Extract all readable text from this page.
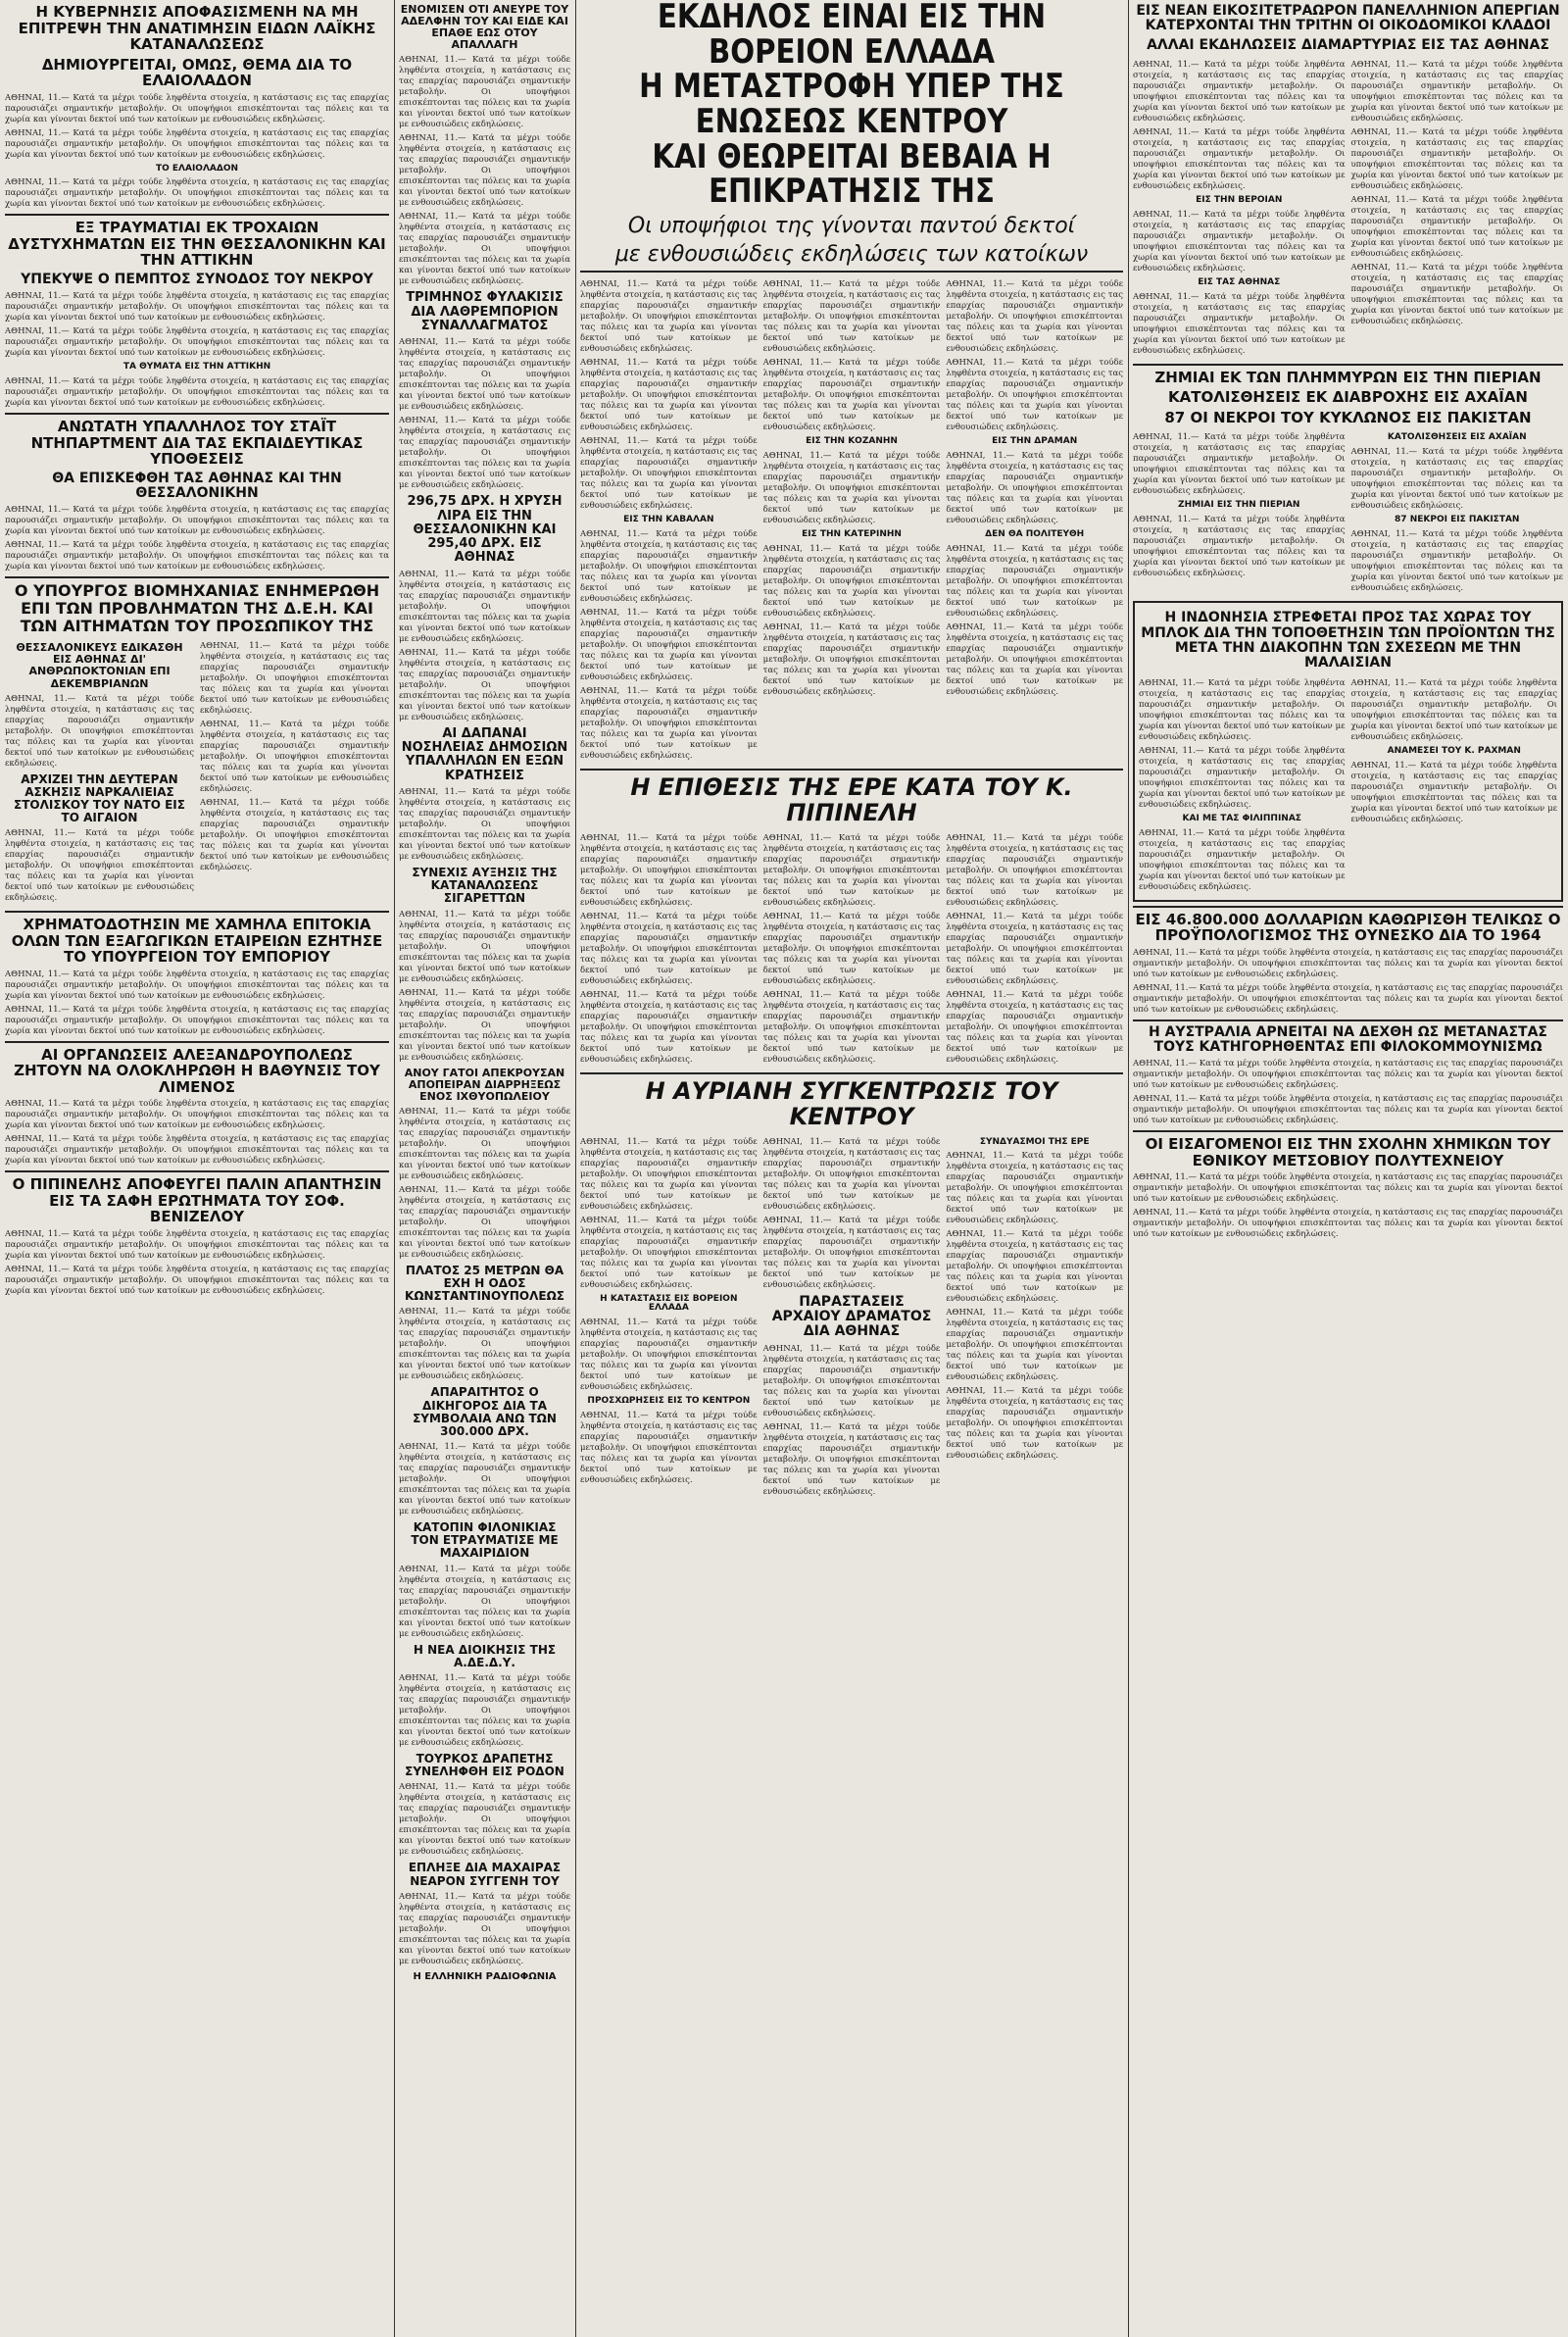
Η ΚΥΒΕΡΝΗΣΙΣ ΑΠΟΦΑΣΙΣΜΕΝΗ ΝΑ ΜΗ ΕΠΙΤΡΕΨΗ ΤΗΝ ΑΝΑΤΙΜΗΣΙΝ ΕΙΔΩΝ ΛΑΪΚΗΣ ΚΑΤΑΝΑΛΩΣΕΩΣ
ΔΗΜΙΟΥΡΓΕΙΤΑΙ, ΟΜΩΣ, ΘΕΜΑ ΔΙΑ ΤΟ ΕΛΑΙΟΛΑΔΟΝ
ΑΘΗΝΑΙ, 11.— Κατά τα μέχρι τούδε ληφθέντα στοιχεία, η κατάστασις εις τας επαρχίας παρουσιάζει σημαντικήν μεταβολήν. Οι υποψήφιοι επισκέπτονται τας πόλεις και τα χωρία και γίνονται δεκτοί υπό των κατοίκων με ενθουσιώδεις εκδηλώσεις.
ΑΘΗΝΑΙ, 11.— Κατά τα μέχρι τούδε ληφθέντα στοιχεία, η κατάστασις εις τας επαρχίας παρουσιάζει σημαντικήν μεταβολήν. Οι υποψήφιοι επισκέπτονται τας πόλεις και τα χωρία και γίνονται δεκτοί υπό των κατοίκων με ενθουσιώδεις εκδηλώσεις.
ΤΟ ΕΛΑΙΟΛΑΔΟΝ
ΑΘΗΝΑΙ, 11.— Κατά τα μέχρι τούδε ληφθέντα στοιχεία, η κατάστασις εις τας επαρχίας παρουσιάζει σημαντικήν μεταβολήν. Οι υποψήφιοι επισκέπτονται τας πόλεις και τα χωρία και γίνονται δεκτοί υπό των κατοίκων με ενθουσιώδεις εκδηλώσεις.
ΕΞ ΤΡΑΥΜΑΤΙΑΙ ΕΚ ΤΡΟΧΑΙΩΝ ΔΥΣΤΥΧΗΜΑΤΩΝ ΕΙΣ ΤΗΝ ΘΕΣΣΑΛΟΝΙΚΗΝ ΚΑΙ ΤΗΝ ΑΤΤΙΚΗΝ
ΥΠΕΚΥΨΕ Ο ΠΕΜΠΤΟΣ ΣΥΝΟΔΟΣ ΤΟΥ ΝΕΚΡΟΥ
ΑΘΗΝΑΙ, 11.— Κατά τα μέχρι τούδε ληφθέντα στοιχεία, η κατάστασις εις τας επαρχίας παρουσιάζει σημαντικήν μεταβολήν. Οι υποψήφιοι επισκέπτονται τας πόλεις και τα χωρία και γίνονται δεκτοί υπό των κατοίκων με ενθουσιώδεις εκδηλώσεις.
ΑΘΗΝΑΙ, 11.— Κατά τα μέχρι τούδε ληφθέντα στοιχεία, η κατάστασις εις τας επαρχίας παρουσιάζει σημαντικήν μεταβολήν. Οι υποψήφιοι επισκέπτονται τας πόλεις και τα χωρία και γίνονται δεκτοί υπό των κατοίκων με ενθουσιώδεις εκδηλώσεις.
ΤΑ ΘΥΜΑΤΑ ΕΙΣ ΤΗΝ ΑΤΤΙΚΗΝ
ΑΘΗΝΑΙ, 11.— Κατά τα μέχρι τούδε ληφθέντα στοιχεία, η κατάστασις εις τας επαρχίας παρουσιάζει σημαντικήν μεταβολήν. Οι υποψήφιοι επισκέπτονται τας πόλεις και τα χωρία και γίνονται δεκτοί υπό των κατοίκων με ενθουσιώδεις εκδηλώσεις.
ΑΝΩΤΑΤΗ ΥΠΑΛΛΗΛΟΣ ΤΟΥ ΣΤΑΪΤ ΝΤΗΠΑΡΤΜΕΝΤ ΔΙΑ ΤΑΣ ΕΚΠΑΙΔΕΥΤΙΚΑΣ ΥΠΟΘΕΣΕΙΣ
ΘΑ ΕΠΙΣΚΕΦΘΗ ΤΑΣ ΑΘΗΝΑΣ ΚΑΙ ΤΗΝ ΘΕΣΣΑΛΟΝΙΚΗΝ
ΑΘΗΝΑΙ, 11.— Κατά τα μέχρι τούδε ληφθέντα στοιχεία, η κατάστασις εις τας επαρχίας παρουσιάζει σημαντικήν μεταβολήν. Οι υποψήφιοι επισκέπτονται τας πόλεις και τα χωρία και γίνονται δεκτοί υπό των κατοίκων με ενθουσιώδεις εκδηλώσεις.
ΑΘΗΝΑΙ, 11.— Κατά τα μέχρι τούδε ληφθέντα στοιχεία, η κατάστασις εις τας επαρχίας παρουσιάζει σημαντικήν μεταβολήν. Οι υποψήφιοι επισκέπτονται τας πόλεις και τα χωρία και γίνονται δεκτοί υπό των κατοίκων με ενθουσιώδεις εκδηλώσεις.
Ο ΥΠΟΥΡΓΟΣ ΒΙΟΜΗΧΑΝΙΑΣ ΕΝΗΜΕΡΩΘΗ ΕΠΙ ΤΩΝ ΠΡΟΒΛΗΜΑΤΩΝ ΤΗΣ Δ.Ε.Η. ΚΑΙ ΤΩΝ ΑΙΤΗΜΑΤΩΝ ΤΟΥ ΠΡΟΣΩΠΙΚΟΥ ΤΗΣ
ΘΕΣΣΑΛΟΝΙΚΕΥΣ ΕΔΙΚΑΣΘΗ ΕΙΣ ΑΘΗΝΑΣ ΔΙ' ΑΝΘΡΩΠΟΚΤΟΝΙΑΝ ΕΠΙ ΔΕΚΕΜΒΡΙΑΝΩΝ
ΑΘΗΝΑΙ, 11.— Κατά τα μέχρι τούδε ληφθέντα στοιχεία, η κατάστασις εις τας επαρχίας παρουσιάζει σημαντικήν μεταβολήν. Οι υποψήφιοι επισκέπτονται τας πόλεις και τα χωρία και γίνονται δεκτοί υπό των κατοίκων με ενθουσιώδεις εκδηλώσεις.
ΑΡΧΙΖΕΙ ΤΗΝ ΔΕΥΤΕΡΑΝ ΑΣΚΗΣΙΣ ΝΑΡΚΑΛΙΕΙΑΣ ΣΤΟΛΙΣΚΟΥ ΤΟΥ ΝΑΤΟ ΕΙΣ ΤΟ ΑΙΓΑΙΟΝ
ΑΘΗΝΑΙ, 11.— Κατά τα μέχρι τούδε ληφθέντα στοιχεία, η κατάστασις εις τας επαρχίας παρουσιάζει σημαντικήν μεταβολήν. Οι υποψήφιοι επισκέπτονται τας πόλεις και τα χωρία και γίνονται δεκτοί υπό των κατοίκων με ενθουσιώδεις εκδηλώσεις.
ΑΘΗΝΑΙ, 11.— Κατά τα μέχρι τούδε ληφθέντα στοιχεία, η κατάστασις εις τας επαρχίας παρουσιάζει σημαντικήν μεταβολήν. Οι υποψήφιοι επισκέπτονται τας πόλεις και τα χωρία και γίνονται δεκτοί υπό των κατοίκων με ενθουσιώδεις εκδηλώσεις.
ΑΘΗΝΑΙ, 11.— Κατά τα μέχρι τούδε ληφθέντα στοιχεία, η κατάστασις εις τας επαρχίας παρουσιάζει σημαντικήν μεταβολήν. Οι υποψήφιοι επισκέπτονται τας πόλεις και τα χωρία και γίνονται δεκτοί υπό των κατοίκων με ενθουσιώδεις εκδηλώσεις.
ΑΘΗΝΑΙ, 11.— Κατά τα μέχρι τούδε ληφθέντα στοιχεία, η κατάστασις εις τας επαρχίας παρουσιάζει σημαντικήν μεταβολήν. Οι υποψήφιοι επισκέπτονται τας πόλεις και τα χωρία και γίνονται δεκτοί υπό των κατοίκων με ενθουσιώδεις εκδηλώσεις.
ΧΡΗΜΑΤΟΔΟΤΗΣΙΝ ΜΕ ΧΑΜΗΛΑ ΕΠΙΤΟΚΙΑ ΟΛΩΝ ΤΩΝ ΕΞΑΓΩΓΙΚΩΝ ΕΤΑΙΡΕΙΩΝ ΕΖΗΤΗΣΕ ΤΟ ΥΠΟΥΡΓΕΙΟΝ ΤΟΥ ΕΜΠΟΡΙΟΥ
ΑΘΗΝΑΙ, 11.— Κατά τα μέχρι τούδε ληφθέντα στοιχεία, η κατάστασις εις τας επαρχίας παρουσιάζει σημαντικήν μεταβολήν. Οι υποψήφιοι επισκέπτονται τας πόλεις και τα χωρία και γίνονται δεκτοί υπό των κατοίκων με ενθουσιώδεις εκδηλώσεις.
ΑΘΗΝΑΙ, 11.— Κατά τα μέχρι τούδε ληφθέντα στοιχεία, η κατάστασις εις τας επαρχίας παρουσιάζει σημαντικήν μεταβολήν. Οι υποψήφιοι επισκέπτονται τας πόλεις και τα χωρία και γίνονται δεκτοί υπό των κατοίκων με ενθουσιώδεις εκδηλώσεις.
ΑΙ ΟΡΓΑΝΩΣΕΙΣ ΑΛΕΞΑΝΔΡΟΥΠΟΛΕΩΣ ΖΗΤΟΥΝ ΝΑ ΟΛΟΚΛΗΡΩΘΗ Η ΒΑΘΥΝΣΙΣ ΤΟΥ ΛΙΜΕΝΟΣ
ΑΘΗΝΑΙ, 11.— Κατά τα μέχρι τούδε ληφθέντα στοιχεία, η κατάστασις εις τας επαρχίας παρουσιάζει σημαντικήν μεταβολήν. Οι υποψήφιοι επισκέπτονται τας πόλεις και τα χωρία και γίνονται δεκτοί υπό των κατοίκων με ενθουσιώδεις εκδηλώσεις.
ΑΘΗΝΑΙ, 11.— Κατά τα μέχρι τούδε ληφθέντα στοιχεία, η κατάστασις εις τας επαρχίας παρουσιάζει σημαντικήν μεταβολήν. Οι υποψήφιοι επισκέπτονται τας πόλεις και τα χωρία και γίνονται δεκτοί υπό των κατοίκων με ενθουσιώδεις εκδηλώσεις.
Ο ΠΙΠΙΝΕΛΗΣ ΑΠΟΦΕΥΓΕΙ ΠΑΛΙΝ ΑΠΑΝΤΗΣΙΝ ΕΙΣ ΤΑ ΣΑΦΗ ΕΡΩΤΗΜΑΤΑ ΤΟΥ ΣΟΦ. ΒΕΝΙΖΕΛΟΥ
ΑΘΗΝΑΙ, 11.— Κατά τα μέχρι τούδε ληφθέντα στοιχεία, η κατάστασις εις τας επαρχίας παρουσιάζει σημαντικήν μεταβολήν. Οι υποψήφιοι επισκέπτονται τας πόλεις και τα χωρία και γίνονται δεκτοί υπό των κατοίκων με ενθουσιώδεις εκδηλώσεις.
ΑΘΗΝΑΙ, 11.— Κατά τα μέχρι τούδε ληφθέντα στοιχεία, η κατάστασις εις τας επαρχίας παρουσιάζει σημαντικήν μεταβολήν. Οι υποψήφιοι επισκέπτονται τας πόλεις και τα χωρία και γίνονται δεκτοί υπό των κατοίκων με ενθουσιώδεις εκδηλώσεις.
ΕΝΟΜΙΣΕΝ ΟΤΙ ΑΝΕΥΡΕ ΤΟΥ ΑΔΕΛΦΗΝ ΤΟΥ ΚΑΙ ΕΙΔΕ ΚΑΙ ΕΠΑΘΕ ΕΩΣ ΟΤΟΥ ΑΠΑΛΛΑΓΗ
ΑΘΗΝΑΙ, 11.— Κατά τα μέχρι τούδε ληφθέντα στοιχεία, η κατάστασις εις τας επαρχίας παρουσιάζει σημαντικήν μεταβολήν. Οι υποψήφιοι επισκέπτονται τας πόλεις και τα χωρία και γίνονται δεκτοί υπό των κατοίκων με ενθουσιώδεις εκδηλώσεις.
ΑΘΗΝΑΙ, 11.— Κατά τα μέχρι τούδε ληφθέντα στοιχεία, η κατάστασις εις τας επαρχίας παρουσιάζει σημαντικήν μεταβολήν. Οι υποψήφιοι επισκέπτονται τας πόλεις και τα χωρία και γίνονται δεκτοί υπό των κατοίκων με ενθουσιώδεις εκδηλώσεις.
ΑΘΗΝΑΙ, 11.— Κατά τα μέχρι τούδε ληφθέντα στοιχεία, η κατάστασις εις τας επαρχίας παρουσιάζει σημαντικήν μεταβολήν. Οι υποψήφιοι επισκέπτονται τας πόλεις και τα χωρία και γίνονται δεκτοί υπό των κατοίκων με ενθουσιώδεις εκδηλώσεις.
ΤΡΙΜΗΝΟΣ ΦΥΛΑΚΙΣΙΣ ΔΙΑ ΛΑΘΡΕΜΠΟΡΙΟΝ ΣΥΝΑΛΛΑΓΜΑΤΟΣ
ΑΘΗΝΑΙ, 11.— Κατά τα μέχρι τούδε ληφθέντα στοιχεία, η κατάστασις εις τας επαρχίας παρουσιάζει σημαντικήν μεταβολήν. Οι υποψήφιοι επισκέπτονται τας πόλεις και τα χωρία και γίνονται δεκτοί υπό των κατοίκων με ενθουσιώδεις εκδηλώσεις.
ΑΘΗΝΑΙ, 11.— Κατά τα μέχρι τούδε ληφθέντα στοιχεία, η κατάστασις εις τας επαρχίας παρουσιάζει σημαντικήν μεταβολήν. Οι υποψήφιοι επισκέπτονται τας πόλεις και τα χωρία και γίνονται δεκτοί υπό των κατοίκων με ενθουσιώδεις εκδηλώσεις.
296,75 ΔΡΧ. Η ΧΡΥΣΗ ΛΙΡΑ ΕΙΣ ΤΗΝ ΘΕΣΣΑΛΟΝΙΚΗΝ ΚΑΙ 295,40 ΔΡΧ. ΕΙΣ ΑΘΗΝΑΣ
ΑΘΗΝΑΙ, 11.— Κατά τα μέχρι τούδε ληφθέντα στοιχεία, η κατάστασις εις τας επαρχίας παρουσιάζει σημαντικήν μεταβολήν. Οι υποψήφιοι επισκέπτονται τας πόλεις και τα χωρία και γίνονται δεκτοί υπό των κατοίκων με ενθουσιώδεις εκδηλώσεις.
ΑΘΗΝΑΙ, 11.— Κατά τα μέχρι τούδε ληφθέντα στοιχεία, η κατάστασις εις τας επαρχίας παρουσιάζει σημαντικήν μεταβολήν. Οι υποψήφιοι επισκέπτονται τας πόλεις και τα χωρία και γίνονται δεκτοί υπό των κατοίκων με ενθουσιώδεις εκδηλώσεις.
ΑΙ ΔΑΠΑΝΑΙ ΝΟΣΗΛΕΙΑΣ ΔΗΜΟΣΙΩΝ ΥΠΑΛΛΗΛΩΝ ΕΝ ΕΞΩΝ ΚΡΑΤΗΣΕΙΣ
ΑΘΗΝΑΙ, 11.— Κατά τα μέχρι τούδε ληφθέντα στοιχεία, η κατάστασις εις τας επαρχίας παρουσιάζει σημαντικήν μεταβολήν. Οι υποψήφιοι επισκέπτονται τας πόλεις και τα χωρία και γίνονται δεκτοί υπό των κατοίκων με ενθουσιώδεις εκδηλώσεις.
ΣΥΝΕΧΙΣ ΑΥΞΗΣΙΣ ΤΗΣ ΚΑΤΑΝΑΛΩΣΕΩΣ ΣΙΓΑΡΕΤΤΩΝ
ΑΘΗΝΑΙ, 11.— Κατά τα μέχρι τούδε ληφθέντα στοιχεία, η κατάστασις εις τας επαρχίας παρουσιάζει σημαντικήν μεταβολήν. Οι υποψήφιοι επισκέπτονται τας πόλεις και τα χωρία και γίνονται δεκτοί υπό των κατοίκων με ενθουσιώδεις εκδηλώσεις.
ΑΘΗΝΑΙ, 11.— Κατά τα μέχρι τούδε ληφθέντα στοιχεία, η κατάστασις εις τας επαρχίας παρουσιάζει σημαντικήν μεταβολήν. Οι υποψήφιοι επισκέπτονται τας πόλεις και τα χωρία και γίνονται δεκτοί υπό των κατοίκων με ενθουσιώδεις εκδηλώσεις.
ΑΝΟΥ ΓΑΤΟΙ ΑΠΕΚΡΟΥΣΑΝ ΑΠΟΠΕΙΡΑΝ ΔΙΑΡΡΗΞΕΩΣ ΕΝΟΣ ΙΧΘΥΟΠΩΛΕΙΟΥ
ΑΘΗΝΑΙ, 11.— Κατά τα μέχρι τούδε ληφθέντα στοιχεία, η κατάστασις εις τας επαρχίας παρουσιάζει σημαντικήν μεταβολήν. Οι υποψήφιοι επισκέπτονται τας πόλεις και τα χωρία και γίνονται δεκτοί υπό των κατοίκων με ενθουσιώδεις εκδηλώσεις.
ΑΘΗΝΑΙ, 11.— Κατά τα μέχρι τούδε ληφθέντα στοιχεία, η κατάστασις εις τας επαρχίας παρουσιάζει σημαντικήν μεταβολήν. Οι υποψήφιοι επισκέπτονται τας πόλεις και τα χωρία και γίνονται δεκτοί υπό των κατοίκων με ενθουσιώδεις εκδηλώσεις.
ΠΛΑΤΟΣ 25 ΜΕΤΡΩΝ ΘΑ ΕΧΗ Η ΟΔΟΣ ΚΩΝΣΤΑΝΤΙΝΟΥΠΟΛΕΩΣ
ΑΘΗΝΑΙ, 11.— Κατά τα μέχρι τούδε ληφθέντα στοιχεία, η κατάστασις εις τας επαρχίας παρουσιάζει σημαντικήν μεταβολήν. Οι υποψήφιοι επισκέπτονται τας πόλεις και τα χωρία και γίνονται δεκτοί υπό των κατοίκων με ενθουσιώδεις εκδηλώσεις.
ΑΠΑΡΑΙΤΗΤΟΣ Ο ΔΙΚΗΓΟΡΟΣ ΔΙΑ ΤΑ ΣΥΜΒΟΛΑΙΑ ΑΝΩ ΤΩΝ 300.000 ΔΡΧ.
ΑΘΗΝΑΙ, 11.— Κατά τα μέχρι τούδε ληφθέντα στοιχεία, η κατάστασις εις τας επαρχίας παρουσιάζει σημαντικήν μεταβολήν. Οι υποψήφιοι επισκέπτονται τας πόλεις και τα χωρία και γίνονται δεκτοί υπό των κατοίκων με ενθουσιώδεις εκδηλώσεις.
ΚΑΤΟΠΙΝ ΦΙΛΟΝΙΚΙΑΣ ΤΟΝ ΕΤΡΑΥΜΑΤΙΣΕ ΜΕ ΜΑΧΑΙΡΙΔΙΟΝ
ΑΘΗΝΑΙ, 11.— Κατά τα μέχρι τούδε ληφθέντα στοιχεία, η κατάστασις εις τας επαρχίας παρουσιάζει σημαντικήν μεταβολήν. Οι υποψήφιοι επισκέπτονται τας πόλεις και τα χωρία και γίνονται δεκτοί υπό των κατοίκων με ενθουσιώδεις εκδηλώσεις.
Η ΝΕΑ ΔΙΟΙΚΗΣΙΣ ΤΗΣ Α.ΔΕ.Δ.Υ.
ΑΘΗΝΑΙ, 11.— Κατά τα μέχρι τούδε ληφθέντα στοιχεία, η κατάστασις εις τας επαρχίας παρουσιάζει σημαντικήν μεταβολήν. Οι υποψήφιοι επισκέπτονται τας πόλεις και τα χωρία και γίνονται δεκτοί υπό των κατοίκων με ενθουσιώδεις εκδηλώσεις.
ΤΟΥΡΚΟΣ ΔΡΑΠΕΤΗΣ ΣΥΝΕΛΗΦΘΗ ΕΙΣ ΡΟΔΟΝ
ΑΘΗΝΑΙ, 11.— Κατά τα μέχρι τούδε ληφθέντα στοιχεία, η κατάστασις εις τας επαρχίας παρουσιάζει σημαντικήν μεταβολήν. Οι υποψήφιοι επισκέπτονται τας πόλεις και τα χωρία και γίνονται δεκτοί υπό των κατοίκων με ενθουσιώδεις εκδηλώσεις.
ΕΠΛΗΞΕ ΔΙΑ ΜΑΧΑΙΡΑΣ ΝΕΑΡΟΝ ΣΥΓΓΕΝΗ ΤΟΥ
ΑΘΗΝΑΙ, 11.— Κατά τα μέχρι τούδε ληφθέντα στοιχεία, η κατάστασις εις τας επαρχίας παρουσιάζει σημαντικήν μεταβολήν. Οι υποψήφιοι επισκέπτονται τας πόλεις και τα χωρία και γίνονται δεκτοί υπό των κατοίκων με ενθουσιώδεις εκδηλώσεις.
Η ΕΛΛΗΝΙΚΗ ΡΑΔΙΟΦΩΝΙΑ
ΕΚΔΗΛΟΣ ΕΙΝΑΙ ΕΙΣ ΤΗΝ ΒΟΡΕΙΟΝ ΕΛΛΑΔΑ
Η ΜΕΤΑΣΤΡΟΦΗ ΥΠΕΡ ΤΗΣ ΕΝΩΣΕΩΣ ΚΕΝΤΡΟΥ
ΚΑΙ ΘΕΩΡΕΙΤΑΙ ΒΕΒΑΙΑ Η ΕΠΙΚΡΑΤΗΣΙΣ ΤΗΣ
Οι υποψήφιοι της γίνονται παντού δεκτοί
με ενθουσιώδεις εκδηλώσεις των κατοίκων
ΑΘΗΝΑΙ, 11.— Κατά τα μέχρι τούδε ληφθέντα στοιχεία, η κατάστασις εις τας επαρχίας παρουσιάζει σημαντικήν μεταβολήν. Οι υποψήφιοι επισκέπτονται τας πόλεις και τα χωρία και γίνονται δεκτοί υπό των κατοίκων με ενθουσιώδεις εκδηλώσεις.
ΑΘΗΝΑΙ, 11.— Κατά τα μέχρι τούδε ληφθέντα στοιχεία, η κατάστασις εις τας επαρχίας παρουσιάζει σημαντικήν μεταβολήν. Οι υποψήφιοι επισκέπτονται τας πόλεις και τα χωρία και γίνονται δεκτοί υπό των κατοίκων με ενθουσιώδεις εκδηλώσεις.
ΑΘΗΝΑΙ, 11.— Κατά τα μέχρι τούδε ληφθέντα στοιχεία, η κατάστασις εις τας επαρχίας παρουσιάζει σημαντικήν μεταβολήν. Οι υποψήφιοι επισκέπτονται τας πόλεις και τα χωρία και γίνονται δεκτοί υπό των κατοίκων με ενθουσιώδεις εκδηλώσεις.
ΕΙΣ ΤΗΝ ΚΑΒΑΛΑΝ
ΑΘΗΝΑΙ, 11.— Κατά τα μέχρι τούδε ληφθέντα στοιχεία, η κατάστασις εις τας επαρχίας παρουσιάζει σημαντικήν μεταβολήν. Οι υποψήφιοι επισκέπτονται τας πόλεις και τα χωρία και γίνονται δεκτοί υπό των κατοίκων με ενθουσιώδεις εκδηλώσεις.
ΑΘΗΝΑΙ, 11.— Κατά τα μέχρι τούδε ληφθέντα στοιχεία, η κατάστασις εις τας επαρχίας παρουσιάζει σημαντικήν μεταβολήν. Οι υποψήφιοι επισκέπτονται τας πόλεις και τα χωρία και γίνονται δεκτοί υπό των κατοίκων με ενθουσιώδεις εκδηλώσεις.
ΑΘΗΝΑΙ, 11.— Κατά τα μέχρι τούδε ληφθέντα στοιχεία, η κατάστασις εις τας επαρχίας παρουσιάζει σημαντικήν μεταβολήν. Οι υποψήφιοι επισκέπτονται τας πόλεις και τα χωρία και γίνονται δεκτοί υπό των κατοίκων με ενθουσιώδεις εκδηλώσεις.
ΑΘΗΝΑΙ, 11.— Κατά τα μέχρι τούδε ληφθέντα στοιχεία, η κατάστασις εις τας επαρχίας παρουσιάζει σημαντικήν μεταβολήν. Οι υποψήφιοι επισκέπτονται τας πόλεις και τα χωρία και γίνονται δεκτοί υπό των κατοίκων με ενθουσιώδεις εκδηλώσεις.
ΑΘΗΝΑΙ, 11.— Κατά τα μέχρι τούδε ληφθέντα στοιχεία, η κατάστασις εις τας επαρχίας παρουσιάζει σημαντικήν μεταβολήν. Οι υποψήφιοι επισκέπτονται τας πόλεις και τα χωρία και γίνονται δεκτοί υπό των κατοίκων με ενθουσιώδεις εκδηλώσεις.
ΕΙΣ ΤΗΝ ΚΟΖΑΝΗΝ
ΑΘΗΝΑΙ, 11.— Κατά τα μέχρι τούδε ληφθέντα στοιχεία, η κατάστασις εις τας επαρχίας παρουσιάζει σημαντικήν μεταβολήν. Οι υποψήφιοι επισκέπτονται τας πόλεις και τα χωρία και γίνονται δεκτοί υπό των κατοίκων με ενθουσιώδεις εκδηλώσεις.
ΕΙΣ ΤΗΝ ΚΑΤΕΡΙΝΗΝ
ΑΘΗΝΑΙ, 11.— Κατά τα μέχρι τούδε ληφθέντα στοιχεία, η κατάστασις εις τας επαρχίας παρουσιάζει σημαντικήν μεταβολήν. Οι υποψήφιοι επισκέπτονται τας πόλεις και τα χωρία και γίνονται δεκτοί υπό των κατοίκων με ενθουσιώδεις εκδηλώσεις.
ΑΘΗΝΑΙ, 11.— Κατά τα μέχρι τούδε ληφθέντα στοιχεία, η κατάστασις εις τας επαρχίας παρουσιάζει σημαντικήν μεταβολήν. Οι υποψήφιοι επισκέπτονται τας πόλεις και τα χωρία και γίνονται δεκτοί υπό των κατοίκων με ενθουσιώδεις εκδηλώσεις.
ΑΘΗΝΑΙ, 11.— Κατά τα μέχρι τούδε ληφθέντα στοιχεία, η κατάστασις εις τας επαρχίας παρουσιάζει σημαντικήν μεταβολήν. Οι υποψήφιοι επισκέπτονται τας πόλεις και τα χωρία και γίνονται δεκτοί υπό των κατοίκων με ενθουσιώδεις εκδηλώσεις.
ΑΘΗΝΑΙ, 11.— Κατά τα μέχρι τούδε ληφθέντα στοιχεία, η κατάστασις εις τας επαρχίας παρουσιάζει σημαντικήν μεταβολήν. Οι υποψήφιοι επισκέπτονται τας πόλεις και τα χωρία και γίνονται δεκτοί υπό των κατοίκων με ενθουσιώδεις εκδηλώσεις.
ΕΙΣ ΤΗΝ ΔΡΑΜΑΝ
ΑΘΗΝΑΙ, 11.— Κατά τα μέχρι τούδε ληφθέντα στοιχεία, η κατάστασις εις τας επαρχίας παρουσιάζει σημαντικήν μεταβολήν. Οι υποψήφιοι επισκέπτονται τας πόλεις και τα χωρία και γίνονται δεκτοί υπό των κατοίκων με ενθουσιώδεις εκδηλώσεις.
ΔΕΝ ΘΑ ΠΟΛΙΤΕΥΘΗ
ΑΘΗΝΑΙ, 11.— Κατά τα μέχρι τούδε ληφθέντα στοιχεία, η κατάστασις εις τας επαρχίας παρουσιάζει σημαντικήν μεταβολήν. Οι υποψήφιοι επισκέπτονται τας πόλεις και τα χωρία και γίνονται δεκτοί υπό των κατοίκων με ενθουσιώδεις εκδηλώσεις.
ΑΘΗΝΑΙ, 11.— Κατά τα μέχρι τούδε ληφθέντα στοιχεία, η κατάστασις εις τας επαρχίας παρουσιάζει σημαντικήν μεταβολήν. Οι υποψήφιοι επισκέπτονται τας πόλεις και τα χωρία και γίνονται δεκτοί υπό των κατοίκων με ενθουσιώδεις εκδηλώσεις.
Η ΕΠΙΘΕΣΙΣ ΤΗΣ ΕΡΕ ΚΑΤΑ ΤΟΥ Κ. ΠΙΠΙΝΕΛΗ
ΑΘΗΝΑΙ, 11.— Κατά τα μέχρι τούδε ληφθέντα στοιχεία, η κατάστασις εις τας επαρχίας παρουσιάζει σημαντικήν μεταβολήν. Οι υποψήφιοι επισκέπτονται τας πόλεις και τα χωρία και γίνονται δεκτοί υπό των κατοίκων με ενθουσιώδεις εκδηλώσεις.
ΑΘΗΝΑΙ, 11.— Κατά τα μέχρι τούδε ληφθέντα στοιχεία, η κατάστασις εις τας επαρχίας παρουσιάζει σημαντικήν μεταβολήν. Οι υποψήφιοι επισκέπτονται τας πόλεις και τα χωρία και γίνονται δεκτοί υπό των κατοίκων με ενθουσιώδεις εκδηλώσεις.
ΑΘΗΝΑΙ, 11.— Κατά τα μέχρι τούδε ληφθέντα στοιχεία, η κατάστασις εις τας επαρχίας παρουσιάζει σημαντικήν μεταβολήν. Οι υποψήφιοι επισκέπτονται τας πόλεις και τα χωρία και γίνονται δεκτοί υπό των κατοίκων με ενθουσιώδεις εκδηλώσεις.
ΑΘΗΝΑΙ, 11.— Κατά τα μέχρι τούδε ληφθέντα στοιχεία, η κατάστασις εις τας επαρχίας παρουσιάζει σημαντικήν μεταβολήν. Οι υποψήφιοι επισκέπτονται τας πόλεις και τα χωρία και γίνονται δεκτοί υπό των κατοίκων με ενθουσιώδεις εκδηλώσεις.
ΑΘΗΝΑΙ, 11.— Κατά τα μέχρι τούδε ληφθέντα στοιχεία, η κατάστασις εις τας επαρχίας παρουσιάζει σημαντικήν μεταβολήν. Οι υποψήφιοι επισκέπτονται τας πόλεις και τα χωρία και γίνονται δεκτοί υπό των κατοίκων με ενθουσιώδεις εκδηλώσεις.
ΑΘΗΝΑΙ, 11.— Κατά τα μέχρι τούδε ληφθέντα στοιχεία, η κατάστασις εις τας επαρχίας παρουσιάζει σημαντικήν μεταβολήν. Οι υποψήφιοι επισκέπτονται τας πόλεις και τα χωρία και γίνονται δεκτοί υπό των κατοίκων με ενθουσιώδεις εκδηλώσεις.
ΑΘΗΝΑΙ, 11.— Κατά τα μέχρι τούδε ληφθέντα στοιχεία, η κατάστασις εις τας επαρχίας παρουσιάζει σημαντικήν μεταβολήν. Οι υποψήφιοι επισκέπτονται τας πόλεις και τα χωρία και γίνονται δεκτοί υπό των κατοίκων με ενθουσιώδεις εκδηλώσεις.
ΑΘΗΝΑΙ, 11.— Κατά τα μέχρι τούδε ληφθέντα στοιχεία, η κατάστασις εις τας επαρχίας παρουσιάζει σημαντικήν μεταβολήν. Οι υποψήφιοι επισκέπτονται τας πόλεις και τα χωρία και γίνονται δεκτοί υπό των κατοίκων με ενθουσιώδεις εκδηλώσεις.
ΑΘΗΝΑΙ, 11.— Κατά τα μέχρι τούδε ληφθέντα στοιχεία, η κατάστασις εις τας επαρχίας παρουσιάζει σημαντικήν μεταβολήν. Οι υποψήφιοι επισκέπτονται τας πόλεις και τα χωρία και γίνονται δεκτοί υπό των κατοίκων με ενθουσιώδεις εκδηλώσεις.
Η ΑΥΡΙΑΝΗ ΣΥΓΚΕΝΤΡΩΣΙΣ ΤΟΥ ΚΕΝΤΡΟΥ
ΑΘΗΝΑΙ, 11.— Κατά τα μέχρι τούδε ληφθέντα στοιχεία, η κατάστασις εις τας επαρχίας παρουσιάζει σημαντικήν μεταβολήν. Οι υποψήφιοι επισκέπτονται τας πόλεις και τα χωρία και γίνονται δεκτοί υπό των κατοίκων με ενθουσιώδεις εκδηλώσεις.
ΑΘΗΝΑΙ, 11.— Κατά τα μέχρι τούδε ληφθέντα στοιχεία, η κατάστασις εις τας επαρχίας παρουσιάζει σημαντικήν μεταβολήν. Οι υποψήφιοι επισκέπτονται τας πόλεις και τα χωρία και γίνονται δεκτοί υπό των κατοίκων με ενθουσιώδεις εκδηλώσεις.
Η ΚΑΤΑΣΤΑΣΙΣ ΕΙΣ ΒΟΡΕΙΟΝ ΕΛΛΑΔΑ
ΑΘΗΝΑΙ, 11.— Κατά τα μέχρι τούδε ληφθέντα στοιχεία, η κατάστασις εις τας επαρχίας παρουσιάζει σημαντικήν μεταβολήν. Οι υποψήφιοι επισκέπτονται τας πόλεις και τα χωρία και γίνονται δεκτοί υπό των κατοίκων με ενθουσιώδεις εκδηλώσεις.
ΠΡΟΣΧΩΡΗΣΕΙΣ ΕΙΣ ΤΟ ΚΕΝΤΡΟΝ
ΑΘΗΝΑΙ, 11.— Κατά τα μέχρι τούδε ληφθέντα στοιχεία, η κατάστασις εις τας επαρχίας παρουσιάζει σημαντικήν μεταβολήν. Οι υποψήφιοι επισκέπτονται τας πόλεις και τα χωρία και γίνονται δεκτοί υπό των κατοίκων με ενθουσιώδεις εκδηλώσεις.
ΑΘΗΝΑΙ, 11.— Κατά τα μέχρι τούδε ληφθέντα στοιχεία, η κατάστασις εις τας επαρχίας παρουσιάζει σημαντικήν μεταβολήν. Οι υποψήφιοι επισκέπτονται τας πόλεις και τα χωρία και γίνονται δεκτοί υπό των κατοίκων με ενθουσιώδεις εκδηλώσεις.
ΑΘΗΝΑΙ, 11.— Κατά τα μέχρι τούδε ληφθέντα στοιχεία, η κατάστασις εις τας επαρχίας παρουσιάζει σημαντικήν μεταβολήν. Οι υποψήφιοι επισκέπτονται τας πόλεις και τα χωρία και γίνονται δεκτοί υπό των κατοίκων με ενθουσιώδεις εκδηλώσεις.
ΠΑΡΑΣΤΑΣΕΙΣ ΑΡΧΑΙΟΥ ΔΡΑΜΑΤΟΣ ΔΙΑ ΑΘΗΝΑΣ
ΑΘΗΝΑΙ, 11.— Κατά τα μέχρι τούδε ληφθέντα στοιχεία, η κατάστασις εις τας επαρχίας παρουσιάζει σημαντικήν μεταβολήν. Οι υποψήφιοι επισκέπτονται τας πόλεις και τα χωρία και γίνονται δεκτοί υπό των κατοίκων με ενθουσιώδεις εκδηλώσεις.
ΑΘΗΝΑΙ, 11.— Κατά τα μέχρι τούδε ληφθέντα στοιχεία, η κατάστασις εις τας επαρχίας παρουσιάζει σημαντικήν μεταβολήν. Οι υποψήφιοι επισκέπτονται τας πόλεις και τα χωρία και γίνονται δεκτοί υπό των κατοίκων με ενθουσιώδεις εκδηλώσεις.
ΣΥΝΔΥΑΣΜΟΙ ΤΗΣ ΕΡΕ
ΑΘΗΝΑΙ, 11.— Κατά τα μέχρι τούδε ληφθέντα στοιχεία, η κατάστασις εις τας επαρχίας παρουσιάζει σημαντικήν μεταβολήν. Οι υποψήφιοι επισκέπτονται τας πόλεις και τα χωρία και γίνονται δεκτοί υπό των κατοίκων με ενθουσιώδεις εκδηλώσεις.
ΑΘΗΝΑΙ, 11.— Κατά τα μέχρι τούδε ληφθέντα στοιχεία, η κατάστασις εις τας επαρχίας παρουσιάζει σημαντικήν μεταβολήν. Οι υποψήφιοι επισκέπτονται τας πόλεις και τα χωρία και γίνονται δεκτοί υπό των κατοίκων με ενθουσιώδεις εκδηλώσεις.
ΑΘΗΝΑΙ, 11.— Κατά τα μέχρι τούδε ληφθέντα στοιχεία, η κατάστασις εις τας επαρχίας παρουσιάζει σημαντικήν μεταβολήν. Οι υποψήφιοι επισκέπτονται τας πόλεις και τα χωρία και γίνονται δεκτοί υπό των κατοίκων με ενθουσιώδεις εκδηλώσεις.
ΑΘΗΝΑΙ, 11.— Κατά τα μέχρι τούδε ληφθέντα στοιχεία, η κατάστασις εις τας επαρχίας παρουσιάζει σημαντικήν μεταβολήν. Οι υποψήφιοι επισκέπτονται τας πόλεις και τα χωρία και γίνονται δεκτοί υπό των κατοίκων με ενθουσιώδεις εκδηλώσεις.
ΕΙΣ ΝΕΑΝ ΕΙΚΟΣΙΤΕΤΡΑΩΡΟΝ ΠΑΝΕΛΛΗΝΙΟΝ ΑΠΕΡΓΙΑΝ ΚΑΤΕΡΧΟΝΤΑΙ ΤΗΝ ΤΡΙΤΗΝ ΟΙ ΟΙΚΟΔΟΜΙΚΟΙ ΚΛΑΔΟΙ
ΑΛΛΑΙ ΕΚΔΗΛΩΣΕΙΣ ΔΙΑΜΑΡΤΥΡΙΑΣ ΕΙΣ ΤΑΣ ΑΘΗΝΑΣ
ΑΘΗΝΑΙ, 11.— Κατά τα μέχρι τούδε ληφθέντα στοιχεία, η κατάστασις εις τας επαρχίας παρουσιάζει σημαντικήν μεταβολήν. Οι υποψήφιοι επισκέπτονται τας πόλεις και τα χωρία και γίνονται δεκτοί υπό των κατοίκων με ενθουσιώδεις εκδηλώσεις.
ΑΘΗΝΑΙ, 11.— Κατά τα μέχρι τούδε ληφθέντα στοιχεία, η κατάστασις εις τας επαρχίας παρουσιάζει σημαντικήν μεταβολήν. Οι υποψήφιοι επισκέπτονται τας πόλεις και τα χωρία και γίνονται δεκτοί υπό των κατοίκων με ενθουσιώδεις εκδηλώσεις.
ΕΙΣ ΤΗΝ ΒΕΡΟΙΑΝ
ΑΘΗΝΑΙ, 11.— Κατά τα μέχρι τούδε ληφθέντα στοιχεία, η κατάστασις εις τας επαρχίας παρουσιάζει σημαντικήν μεταβολήν. Οι υποψήφιοι επισκέπτονται τας πόλεις και τα χωρία και γίνονται δεκτοί υπό των κατοίκων με ενθουσιώδεις εκδηλώσεις.
ΕΙΣ ΤΑΣ ΑΘΗΝΑΣ
ΑΘΗΝΑΙ, 11.— Κατά τα μέχρι τούδε ληφθέντα στοιχεία, η κατάστασις εις τας επαρχίας παρουσιάζει σημαντικήν μεταβολήν. Οι υποψήφιοι επισκέπτονται τας πόλεις και τα χωρία και γίνονται δεκτοί υπό των κατοίκων με ενθουσιώδεις εκδηλώσεις.
ΑΘΗΝΑΙ, 11.— Κατά τα μέχρι τούδε ληφθέντα στοιχεία, η κατάστασις εις τας επαρχίας παρουσιάζει σημαντικήν μεταβολήν. Οι υποψήφιοι επισκέπτονται τας πόλεις και τα χωρία και γίνονται δεκτοί υπό των κατοίκων με ενθουσιώδεις εκδηλώσεις.
ΑΘΗΝΑΙ, 11.— Κατά τα μέχρι τούδε ληφθέντα στοιχεία, η κατάστασις εις τας επαρχίας παρουσιάζει σημαντικήν μεταβολήν. Οι υποψήφιοι επισκέπτονται τας πόλεις και τα χωρία και γίνονται δεκτοί υπό των κατοίκων με ενθουσιώδεις εκδηλώσεις.
ΑΘΗΝΑΙ, 11.— Κατά τα μέχρι τούδε ληφθέντα στοιχεία, η κατάστασις εις τας επαρχίας παρουσιάζει σημαντικήν μεταβολήν. Οι υποψήφιοι επισκέπτονται τας πόλεις και τα χωρία και γίνονται δεκτοί υπό των κατοίκων με ενθουσιώδεις εκδηλώσεις.
ΑΘΗΝΑΙ, 11.— Κατά τα μέχρι τούδε ληφθέντα στοιχεία, η κατάστασις εις τας επαρχίας παρουσιάζει σημαντικήν μεταβολήν. Οι υποψήφιοι επισκέπτονται τας πόλεις και τα χωρία και γίνονται δεκτοί υπό των κατοίκων με ενθουσιώδεις εκδηλώσεις.
ΖΗΜΙΑΙ ΕΚ ΤΩΝ ΠΛΗΜΜΥΡΩΝ ΕΙΣ ΤΗΝ ΠΙΕΡΙΑΝ
ΚΑΤΟΛΙΣΘΗΣΕΙΣ ΕΚ ΔΙΑΒΡΟΧΗΣ ΕΙΣ ΑΧΑΪΑΝ
87 ΟΙ ΝΕΚΡΟΙ ΤΟΥ ΚΥΚΛΩΝΟΣ ΕΙΣ ΠΑΚΙΣΤΑΝ
ΑΘΗΝΑΙ, 11.— Κατά τα μέχρι τούδε ληφθέντα στοιχεία, η κατάστασις εις τας επαρχίας παρουσιάζει σημαντικήν μεταβολήν. Οι υποψήφιοι επισκέπτονται τας πόλεις και τα χωρία και γίνονται δεκτοί υπό των κατοίκων με ενθουσιώδεις εκδηλώσεις.
ΖΗΜΙΑΙ ΕΙΣ ΤΗΝ ΠΙΕΡΙΑΝ
ΑΘΗΝΑΙ, 11.— Κατά τα μέχρι τούδε ληφθέντα στοιχεία, η κατάστασις εις τας επαρχίας παρουσιάζει σημαντικήν μεταβολήν. Οι υποψήφιοι επισκέπτονται τας πόλεις και τα χωρία και γίνονται δεκτοί υπό των κατοίκων με ενθουσιώδεις εκδηλώσεις.
ΚΑΤΟΛΙΣΘΗΣΕΙΣ ΕΙΣ ΑΧΑΪΑΝ
ΑΘΗΝΑΙ, 11.— Κατά τα μέχρι τούδε ληφθέντα στοιχεία, η κατάστασις εις τας επαρχίας παρουσιάζει σημαντικήν μεταβολήν. Οι υποψήφιοι επισκέπτονται τας πόλεις και τα χωρία και γίνονται δεκτοί υπό των κατοίκων με ενθουσιώδεις εκδηλώσεις.
87 ΝΕΚΡΟΙ ΕΙΣ ΠΑΚΙΣΤΑΝ
ΑΘΗΝΑΙ, 11.— Κατά τα μέχρι τούδε ληφθέντα στοιχεία, η κατάστασις εις τας επαρχίας παρουσιάζει σημαντικήν μεταβολήν. Οι υποψήφιοι επισκέπτονται τας πόλεις και τα χωρία και γίνονται δεκτοί υπό των κατοίκων με ενθουσιώδεις εκδηλώσεις.
Η ΙΝΔΟΝΗΣΙΑ ΣΤΡΕΦΕΤΑΙ ΠΡΟΣ ΤΑΣ ΧΩΡΑΣ ΤΟΥ ΜΠΛΟΚ ΔΙΑ ΤΗΝ ΤΟΠΟΘΕΤΗΣΙΝ ΤΩΝ ΠΡΟΪΟΝΤΩΝ ΤΗΣ ΜΕΤΑ ΤΗΝ ΔΙΑΚΟΠΗΝ ΤΩΝ ΣΧΕΣΕΩΝ ΜΕ ΤΗΝ ΜΑΛΑΙΣΙΑΝ
ΑΘΗΝΑΙ, 11.— Κατά τα μέχρι τούδε ληφθέντα στοιχεία, η κατάστασις εις τας επαρχίας παρουσιάζει σημαντικήν μεταβολήν. Οι υποψήφιοι επισκέπτονται τας πόλεις και τα χωρία και γίνονται δεκτοί υπό των κατοίκων με ενθουσιώδεις εκδηλώσεις.
ΑΘΗΝΑΙ, 11.— Κατά τα μέχρι τούδε ληφθέντα στοιχεία, η κατάστασις εις τας επαρχίας παρουσιάζει σημαντικήν μεταβολήν. Οι υποψήφιοι επισκέπτονται τας πόλεις και τα χωρία και γίνονται δεκτοί υπό των κατοίκων με ενθουσιώδεις εκδηλώσεις.
ΚΑΙ ΜΕ ΤΑΣ ΦΙΛΙΠΠΙΝΑΣ
ΑΘΗΝΑΙ, 11.— Κατά τα μέχρι τούδε ληφθέντα στοιχεία, η κατάστασις εις τας επαρχίας παρουσιάζει σημαντικήν μεταβολήν. Οι υποψήφιοι επισκέπτονται τας πόλεις και τα χωρία και γίνονται δεκτοί υπό των κατοίκων με ενθουσιώδεις εκδηλώσεις.
ΑΘΗΝΑΙ, 11.— Κατά τα μέχρι τούδε ληφθέντα στοιχεία, η κατάστασις εις τας επαρχίας παρουσιάζει σημαντικήν μεταβολήν. Οι υποψήφιοι επισκέπτονται τας πόλεις και τα χωρία και γίνονται δεκτοί υπό των κατοίκων με ενθουσιώδεις εκδηλώσεις.
ΑΝΑΜΕΣΕΙ ΤΟΥ Κ. ΡΑΧΜΑΝ
ΑΘΗΝΑΙ, 11.— Κατά τα μέχρι τούδε ληφθέντα στοιχεία, η κατάστασις εις τας επαρχίας παρουσιάζει σημαντικήν μεταβολήν. Οι υποψήφιοι επισκέπτονται τας πόλεις και τα χωρία και γίνονται δεκτοί υπό των κατοίκων με ενθουσιώδεις εκδηλώσεις.
ΕΙΣ 46.800.000 ΔΟΛΛΑΡΙΩΝ ΚΑΘΩΡΙΣΘΗ ΤΕΛΙΚΩΣ Ο ΠΡΟΫΠΟΛΟΓΙΣΜΟΣ ΤΗΣ ΟΥΝΕΣΚΟ ΔΙΑ ΤΟ 1964
ΑΘΗΝΑΙ, 11.— Κατά τα μέχρι τούδε ληφθέντα στοιχεία, η κατάστασις εις τας επαρχίας παρουσιάζει σημαντικήν μεταβολήν. Οι υποψήφιοι επισκέπτονται τας πόλεις και τα χωρία και γίνονται δεκτοί υπό των κατοίκων με ενθουσιώδεις εκδηλώσεις.
ΑΘΗΝΑΙ, 11.— Κατά τα μέχρι τούδε ληφθέντα στοιχεία, η κατάστασις εις τας επαρχίας παρουσιάζει σημαντικήν μεταβολήν. Οι υποψήφιοι επισκέπτονται τας πόλεις και τα χωρία και γίνονται δεκτοί υπό των κατοίκων με ενθουσιώδεις εκδηλώσεις.
Η ΑΥΣΤΡΑΛΙΑ ΑΡΝΕΙΤΑΙ ΝΑ ΔΕΧΘΗ ΩΣ ΜΕΤΑΝΑΣΤΑΣ ΤΟΥΣ ΚΑΤΗΓΟΡΗΘΕΝΤΑΣ ΕΠΙ ΦΙΛΟΚΟΜΜΟΥΝΙΣΜΩ
ΑΘΗΝΑΙ, 11.— Κατά τα μέχρι τούδε ληφθέντα στοιχεία, η κατάστασις εις τας επαρχίας παρουσιάζει σημαντικήν μεταβολήν. Οι υποψήφιοι επισκέπτονται τας πόλεις και τα χωρία και γίνονται δεκτοί υπό των κατοίκων με ενθουσιώδεις εκδηλώσεις.
ΑΘΗΝΑΙ, 11.— Κατά τα μέχρι τούδε ληφθέντα στοιχεία, η κατάστασις εις τας επαρχίας παρουσιάζει σημαντικήν μεταβολήν. Οι υποψήφιοι επισκέπτονται τας πόλεις και τα χωρία και γίνονται δεκτοί υπό των κατοίκων με ενθουσιώδεις εκδηλώσεις.
ΟΙ ΕΙΣΑΓΟΜΕΝΟΙ ΕΙΣ ΤΗΝ ΣΧΟΛΗΝ ΧΗΜΙΚΩΝ ΤΟΥ ΕΘΝΙΚΟΥ ΜΕΤΣΟΒΙΟΥ ΠΟΛΥΤΕΧΝΕΙΟΥ
ΑΘΗΝΑΙ, 11.— Κατά τα μέχρι τούδε ληφθέντα στοιχεία, η κατάστασις εις τας επαρχίας παρουσιάζει σημαντικήν μεταβολήν. Οι υποψήφιοι επισκέπτονται τας πόλεις και τα χωρία και γίνονται δεκτοί υπό των κατοίκων με ενθουσιώδεις εκδηλώσεις.
ΑΘΗΝΑΙ, 11.— Κατά τα μέχρι τούδε ληφθέντα στοιχεία, η κατάστασις εις τας επαρχίας παρουσιάζει σημαντικήν μεταβολήν. Οι υποψήφιοι επισκέπτονται τας πόλεις και τα χωρία και γίνονται δεκτοί υπό των κατοίκων με ενθουσιώδεις εκδηλώσεις.
